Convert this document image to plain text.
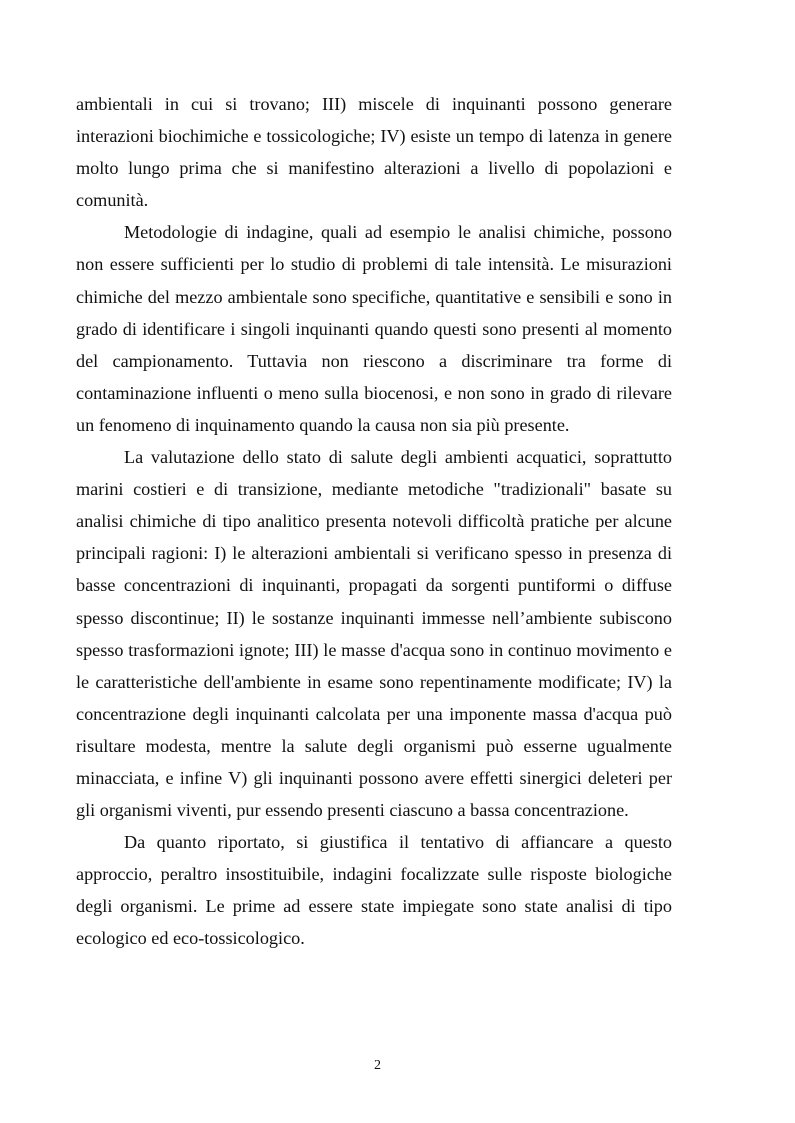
ambientali in cui si trovano; III) miscele di inquinanti possono generare interazioni biochimiche e tossicologiche; IV) esiste un tempo di latenza in genere molto lungo prima che si manifestino alterazioni a livello di popolazioni e comunità.

Metodologie di indagine, quali ad esempio le analisi chimiche, possono non essere sufficienti per lo studio di problemi di tale intensità. Le misurazioni chimiche del mezzo ambientale sono specifiche, quantitative e sensibili e sono in grado di identificare i singoli inquinanti quando questi sono presenti al momento del campionamento. Tuttavia non riescono a discriminare tra forme di contaminazione influenti o meno sulla biocenosi, e non sono in grado di rilevare un fenomeno di inquinamento quando la causa non sia più presente.

La valutazione dello stato di salute degli ambienti acquatici, soprattutto marini costieri e di transizione, mediante metodiche "tradizionali" basate su analisi chimiche di tipo analitico presenta notevoli difficoltà pratiche per alcune principali ragioni: I) le alterazioni ambientali si verificano spesso in presenza di basse concentrazioni di inquinanti, propagati da sorgenti puntiformi o diffuse spesso discontinue; II) le sostanze inquinanti immesse nell’ambiente subiscono spesso trasformazioni ignote; III) le masse d'acqua sono in continuo movimento e le caratteristiche dell'ambiente in esame sono repentinamente modificate; IV) la concentrazione degli inquinanti calcolata per una imponente massa d'acqua può risultare modesta, mentre la salute degli organismi può esserne ugualmente minacciata, e infine V) gli inquinanti possono avere effetti sinergici deleteri per gli organismi viventi, pur essendo presenti ciascuno a bassa concentrazione.

Da quanto riportato, si giustifica il tentativo di affiancare a questo approccio, peraltro insostituibile, indagini focalizzate sulle risposte biologiche degli organismi. Le prime ad essere state impiegate sono state analisi di tipo ecologico ed eco-tossicologico.

2
